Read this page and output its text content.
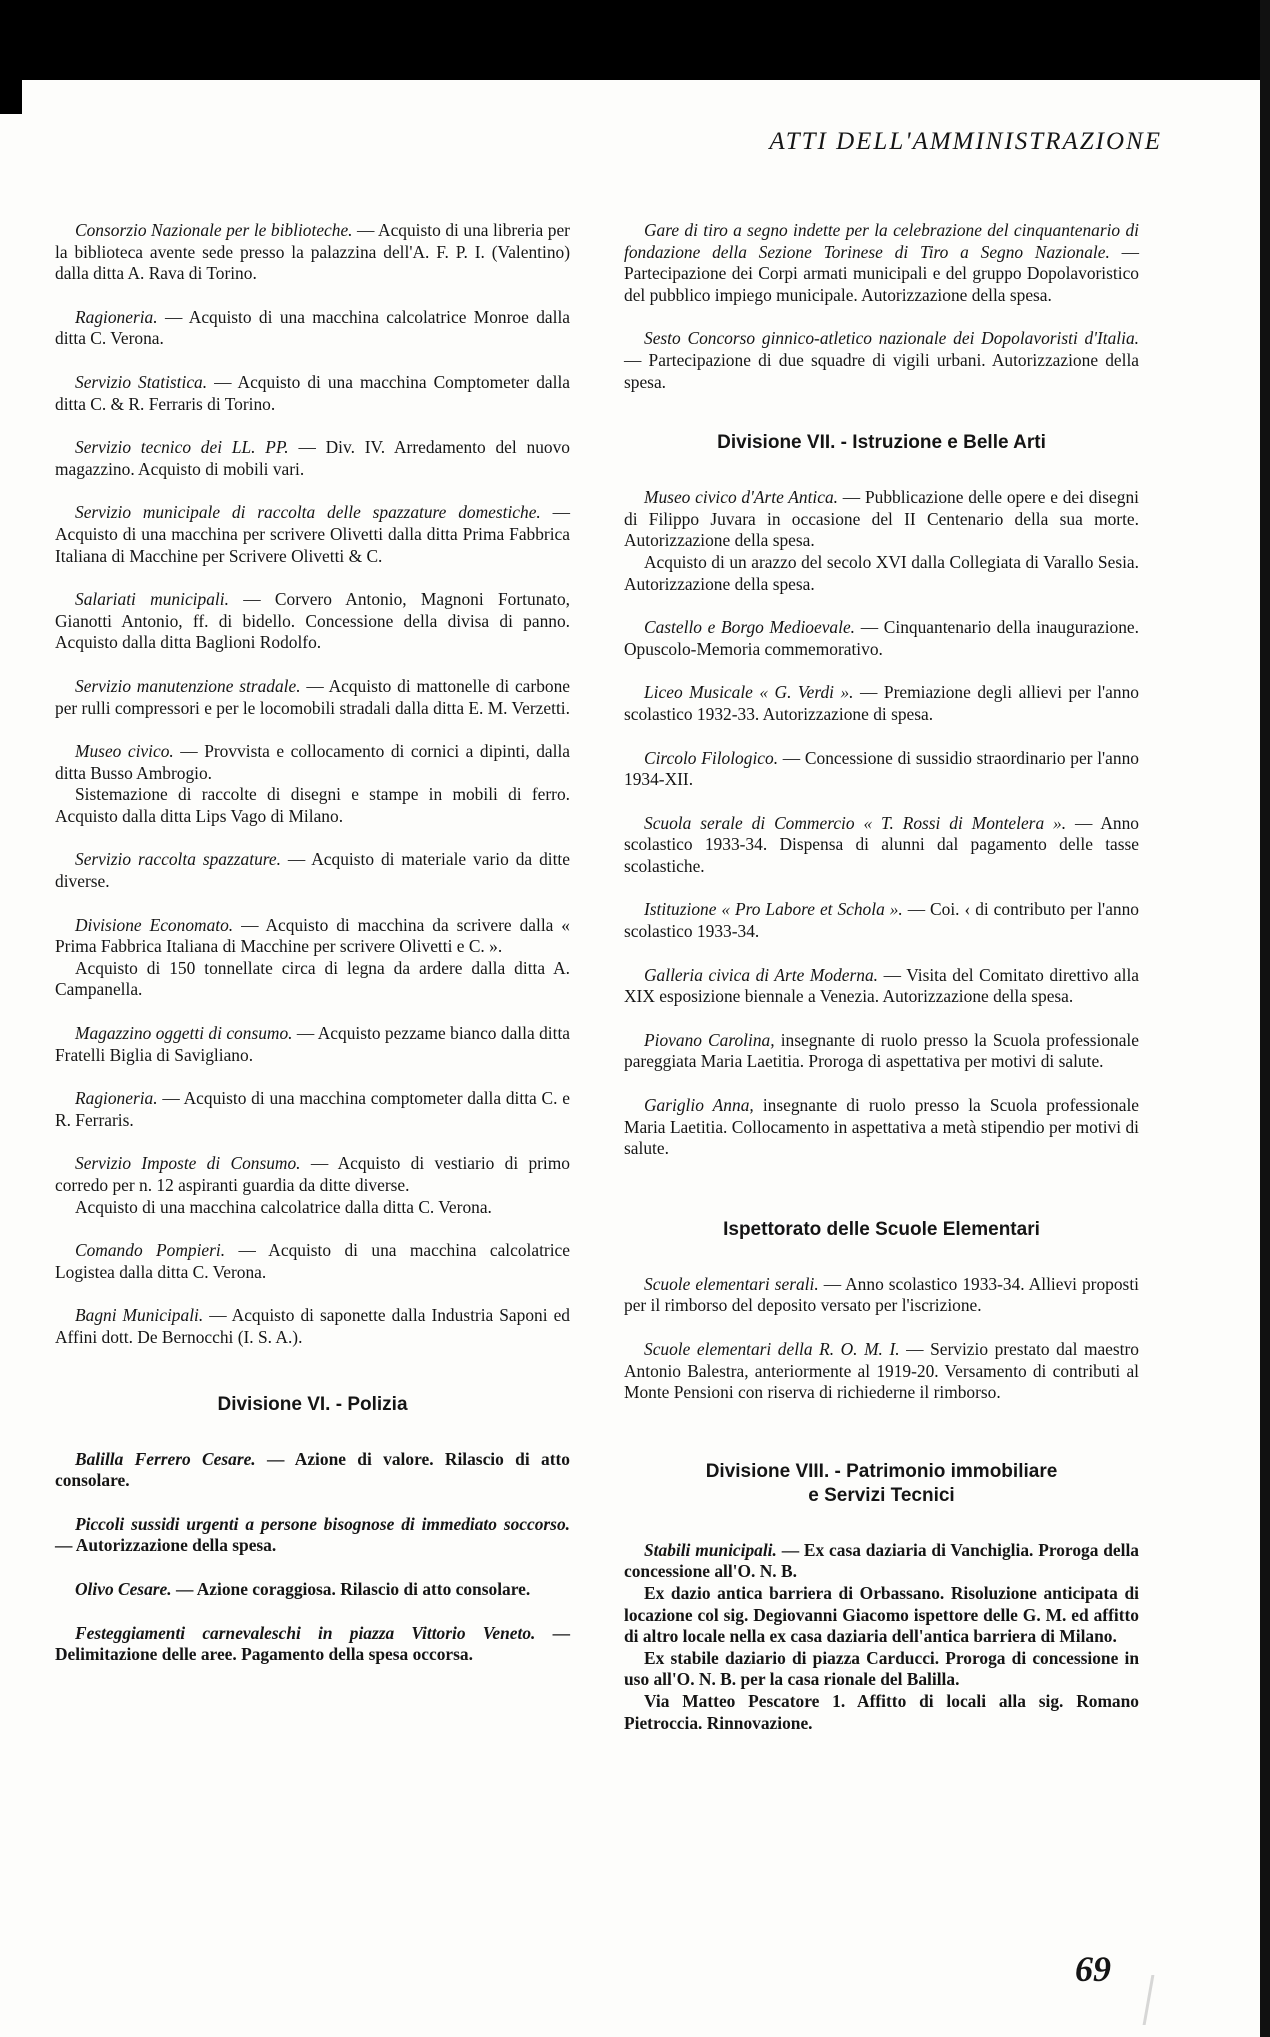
ATTI DELL'AMMINISTRAZIONE

Consorzio Nazionale per le biblioteche. — Acquisto di una libreria per la biblioteca avente sede presso la palazzina dell'A. F. P. I. (Valentino) dalla ditta A. Rava di Torino.

Ragioneria. — Acquisto di una macchina calcolatrice Monroe dalla ditta C. Verona.

Servizio Statistica. — Acquisto di una macchina Comptometer dalla ditta C. & R. Ferraris di Torino.

Servizio tecnico dei LL. PP. — Div. IV. Arredamento del nuovo magazzino. Acquisto di mobili vari.

Servizio municipale di raccolta delle spazzature domestiche. — Acquisto di una macchina per scrivere Olivetti dalla ditta Prima Fabbrica Italiana di Macchine per Scrivere Olivetti & C.

Salariati municipali. — Corvero Antonio, Magnoni Fortunato, Gianotti Antonio, ff. di bidello. Concessione della divisa di panno. Acquisto dalla ditta Baglioni Rodolfo.

Servizio manutenzione stradale. — Acquisto di mattonelle di carbone per rulli compressori e per le locomobili stradali dalla ditta E. M. Verzetti.

Museo civico. — Provvista e collocamento di cornici a dipinti, dalla ditta Busso Ambrogio.

Sistemazione di raccolte di disegni e stampe in mobili di ferro. Acquisto dalla ditta Lips Vago di Milano.

Servizio raccolta spazzature. — Acquisto di materiale vario da ditte diverse.

Divisione Economato. — Acquisto di macchina da scrivere dalla « Prima Fabbrica Italiana di Macchine per scrivere Olivetti e C. ».

Acquisto di 150 tonnellate circa di legna da ardere dalla ditta A. Campanella.

Magazzino oggetti di consumo. — Acquisto pezzame bianco dalla ditta Fratelli Biglia di Savigliano.

Ragioneria. — Acquisto di una macchina comptometer dalla ditta C. e R. Ferraris.

Servizio Imposte di Consumo. — Acquisto di vestiario di primo corredo per n. 12 aspiranti guardia da ditte diverse.

Acquisto di una macchina calcolatrice dalla ditta C. Verona.

Comando Pompieri. — Acquisto di una macchina calcolatrice Logistea dalla ditta C. Verona.

Bagni Municipali. — Acquisto di saponette dalla Industria Saponi ed Affini dott. De Bernocchi (I. S. A.).

Divisione VI. - Polizia

Balilla Ferrero Cesare. — Azione di valore. Rilascio di atto consolare.

Piccoli sussidi urgenti a persone bisognose di immediato soccorso. — Autorizzazione della spesa.

Olivo Cesare. — Azione coraggiosa. Rilascio di atto consolare.

Festeggiamenti carnevaleschi in piazza Vittorio Veneto. — Delimitazione delle aree. Pagamento della spesa occorsa.

Gare di tiro a segno indette per la celebrazione del cinquantenario di fondazione della Sezione Torinese di Tiro a Segno Nazionale. — Partecipazione dei Corpi armati municipali e del gruppo Dopolavoristico del pubblico impiego municipale. Autorizzazione della spesa.

Sesto Concorso ginnico-atletico nazionale dei Dopolavoristi d'Italia. — Partecipazione di due squadre di vigili urbani. Autorizzazione della spesa.

Divisione VII. - Istruzione e Belle Arti

Museo civico d'Arte Antica. — Pubblicazione delle opere e dei disegni di Filippo Juvara in occasione del II Centenario della sua morte. Autorizzazione della spesa.

Acquisto di un arazzo del secolo XVI dalla Collegiata di Varallo Sesia. Autorizzazione della spesa.

Castello e Borgo Medioevale. — Cinquantenario della inaugurazione. Opuscolo-Memoria commemorativo.

Liceo Musicale « G. Verdi ». — Premiazione degli allievi per l'anno scolastico 1932-33. Autorizzazione di spesa.

Circolo Filologico. — Concessione di sussidio straordinario per l'anno 1934-XII.

Scuola serale di Commercio « T. Rossi di Montelera ». — Anno scolastico 1933-34. Dispensa di alunni dal pagamento delle tasse scolastiche.

Istituzione « Pro Labore et Schola ». — Coi. ‹ di contributo per l'anno scolastico 1933-34.

Galleria civica di Arte Moderna. — Visita del Comitato direttivo alla XIX esposizione biennale a Venezia. Autorizzazione della spesa.

Piovano Carolina, insegnante di ruolo presso la Scuola professionale pareggiata Maria Laetitia. Proroga di aspettativa per motivi di salute.

Gariglio Anna, insegnante di ruolo presso la Scuola professionale Maria Laetitia. Collocamento in aspettativa a metà stipendio per motivi di salute.

Ispettorato delle Scuole Elementari

Scuole elementari serali. — Anno scolastico 1933-34. Allievi proposti per il rimborso del deposito versato per l'iscrizione.

Scuole elementari della R. O. M. I. — Servizio prestato dal maestro Antonio Balestra, anteriormente al 1919-20. Versamento di contributi al Monte Pensioni con riserva di richiederne il rimborso.

Divisione VIII. - Patrimonio immobiliare
e Servizi Tecnici

Stabili municipali. — Ex casa daziaria di Vanchiglia. Proroga della concessione all'O. N. B.

Ex dazio antica barriera di Orbassano. Risoluzione anticipata di locazione col sig. Degiovanni Giacomo ispettore delle G. M. ed affitto di altro locale nella ex casa daziaria dell'antica barriera di Milano.

Ex stabile daziario di piazza Carducci. Proroga di concessione in uso all'O. N. B. per la casa rionale del Balilla.

Via Matteo Pescatore 1. Affitto di locali alla sig. Romano Pietroccia. Rinnovazione.

69
